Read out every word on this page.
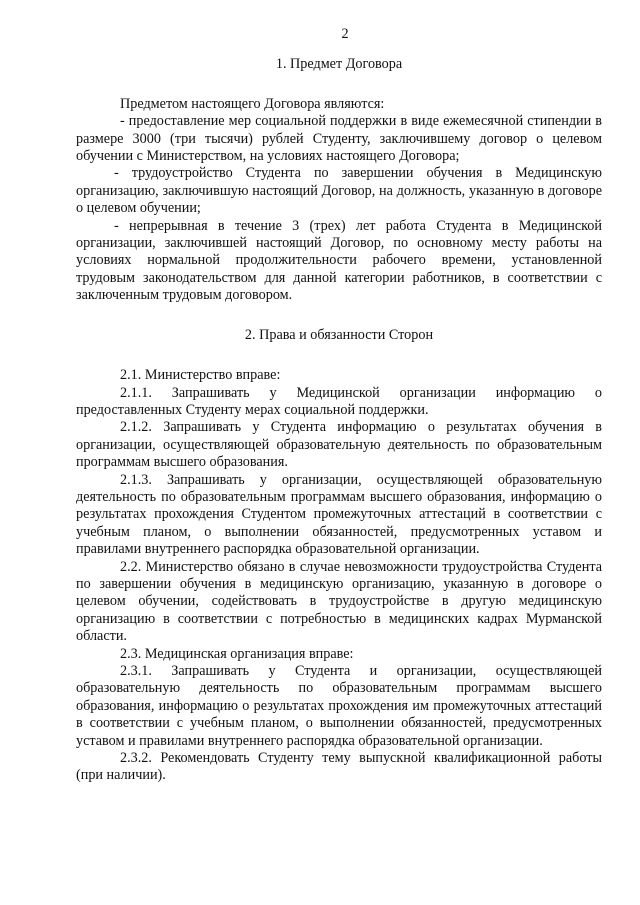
2
1. Предмет Договора

Предметом настоящего Договора являются:

- предоставление мер социальной поддержки в виде ежемесячной стипендии в размере 3000 (три тысячи) рублей Студенту, заключившему договор о целевом обучении с Министерством, на условиях настоящего Договора;

- трудоустройство Студента по завершении обучения в Медицинскую организацию, заключившую настоящий Договор, на должность, указанную в договоре о целевом обучении;

- непрерывная в течение 3 (трех) лет работа Студента в Медицинской организации, заключившей настоящий Договор, по основному месту работы на условиях нормальной продолжительности рабочего времени, установленной трудовым законодательством для данной категории работников, в соответствии с заключенным трудовым договором.

2. Права и обязанности Сторон

2.1. Министерство вправе:

2.1.1. Запрашивать у Медицинской организации информацию о предоставленных Студенту мерах социальной поддержки.

2.1.2. Запрашивать у Студента информацию о результатах обучения в организации, осуществляющей образовательную деятельность по образовательным программам высшего образования.

2.1.3. Запрашивать у организации, осуществляющей образовательную деятельность по образовательным программам высшего образования, информацию о результатах прохождения Студентом промежуточных аттестаций в соответствии с учебным планом, о выполнении обязанностей, предусмотренных уставом и правилами внутреннего распорядка образовательной организации.

2.2. Министерство обязано в случае невозможности трудоустройства Студента по завершении обучения в медицинскую организацию, указанную в договоре о целевом обучении, содействовать в трудоустройстве в другую медицинскую организацию в соответствии с потребностью в медицинских кадрах Мурманской области.

2.3. Медицинская организация вправе:

2.3.1. Запрашивать у Студента и организации, осуществляющей образовательную деятельность по образовательным программам высшего образования, информацию о результатах прохождения им промежуточных аттестаций в соответствии с учебным планом, о выполнении обязанностей, предусмотренных уставом и правилами внутреннего распорядка образовательной организации.

2.3.2. Рекомендовать Студенту тему выпускной квалификационной работы (при наличии).
